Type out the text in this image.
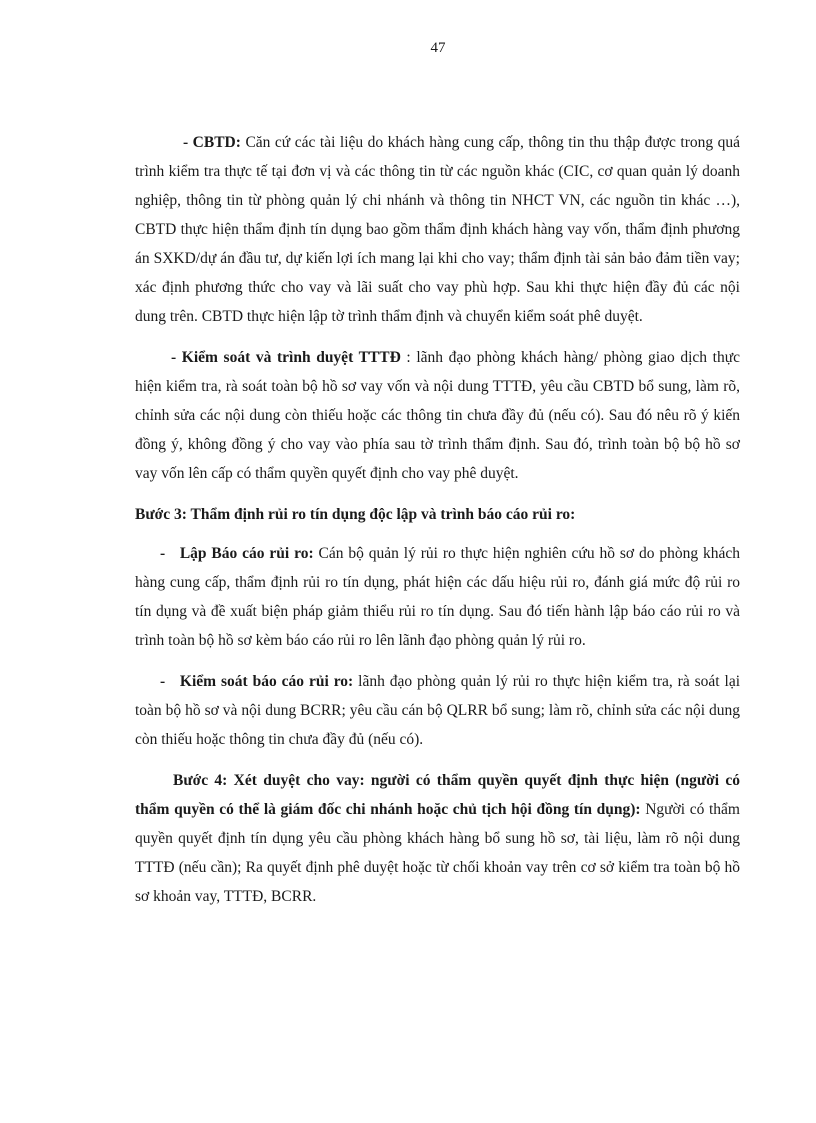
47

- CBTD: Căn cứ các tài liệu do khách hàng cung cấp, thông tin thu thập được trong quá trình kiểm tra thực tế tại đơn vị và các thông tin từ các nguồn khác (CIC, cơ quan quản lý doanh nghiệp, thông tin từ phòng quản lý chi nhánh và thông tin NHCT VN, các nguồn tin khác …), CBTD thực hiện thẩm định tín dụng bao gồm thẩm định khách hàng vay vốn, thẩm định phương án SXKD/dự án đầu tư, dự kiến lợi ích mang lại khi cho vay; thẩm định tài sản bảo đảm tiền vay; xác định phương thức cho vay và lãi suất cho vay phù hợp. Sau khi thực hiện đầy đủ các nội dung trên. CBTD thực hiện lập tờ trình thẩm định và chuyển kiểm soát phê duyệt.

- Kiểm soát và trình duyệt TTTĐ : lãnh đạo phòng khách hàng/ phòng giao dịch thực hiện kiểm tra, rà soát toàn bộ hồ sơ vay vốn và nội dung TTTĐ, yêu cầu CBTD bổ sung, làm rõ, chỉnh sửa các nội dung còn thiếu hoặc các thông tin chưa đầy đủ (nếu có). Sau đó nêu rõ ý kiến đồng ý, không đồng ý cho vay vào phía sau tờ trình thẩm định. Sau đó, trình toàn bộ bộ hồ sơ vay vốn lên cấp có thẩm quyền quyết định cho vay phê duyệt.

Bước 3: Thẩm định rủi ro tín dụng độc lập và trình báo cáo rủi ro:

-   Lập Báo cáo rủi ro: Cán bộ quản lý rủi ro thực hiện nghiên cứu hồ sơ do phòng khách hàng cung cấp, thẩm định rủi ro tín dụng, phát hiện các dấu hiệu rủi ro, đánh giá mức độ rủi ro tín dụng và đề xuất biện pháp giảm thiểu rủi ro tín dụng. Sau đó tiến hành lập báo cáo rủi ro và trình toàn bộ hồ sơ kèm báo cáo rủi ro lên lãnh đạo phòng quản lý rủi ro.

-   Kiểm soát báo cáo rủi ro: lãnh đạo phòng quản lý rủi ro thực hiện kiểm tra, rà soát lại toàn bộ hồ sơ và nội dung BCRR; yêu cầu cán bộ QLRR bổ sung; làm rõ, chỉnh sửa các nội dung còn thiếu hoặc thông tin chưa đầy đủ (nếu có).

Bước 4: Xét duyệt cho vay: người có thẩm quyền quyết định thực hiện (người có thẩm quyền có thể là giám đốc chi nhánh hoặc chủ tịch hội đồng tín dụng): Người có thẩm quyền quyết định tín dụng yêu cầu phòng khách hàng bổ sung hồ sơ, tài liệu, làm rõ nội dung TTTĐ (nếu cần); Ra quyết định phê duyệt hoặc từ chối khoản vay trên cơ sở kiểm tra toàn bộ hồ sơ khoản vay, TTTĐ, BCRR.
